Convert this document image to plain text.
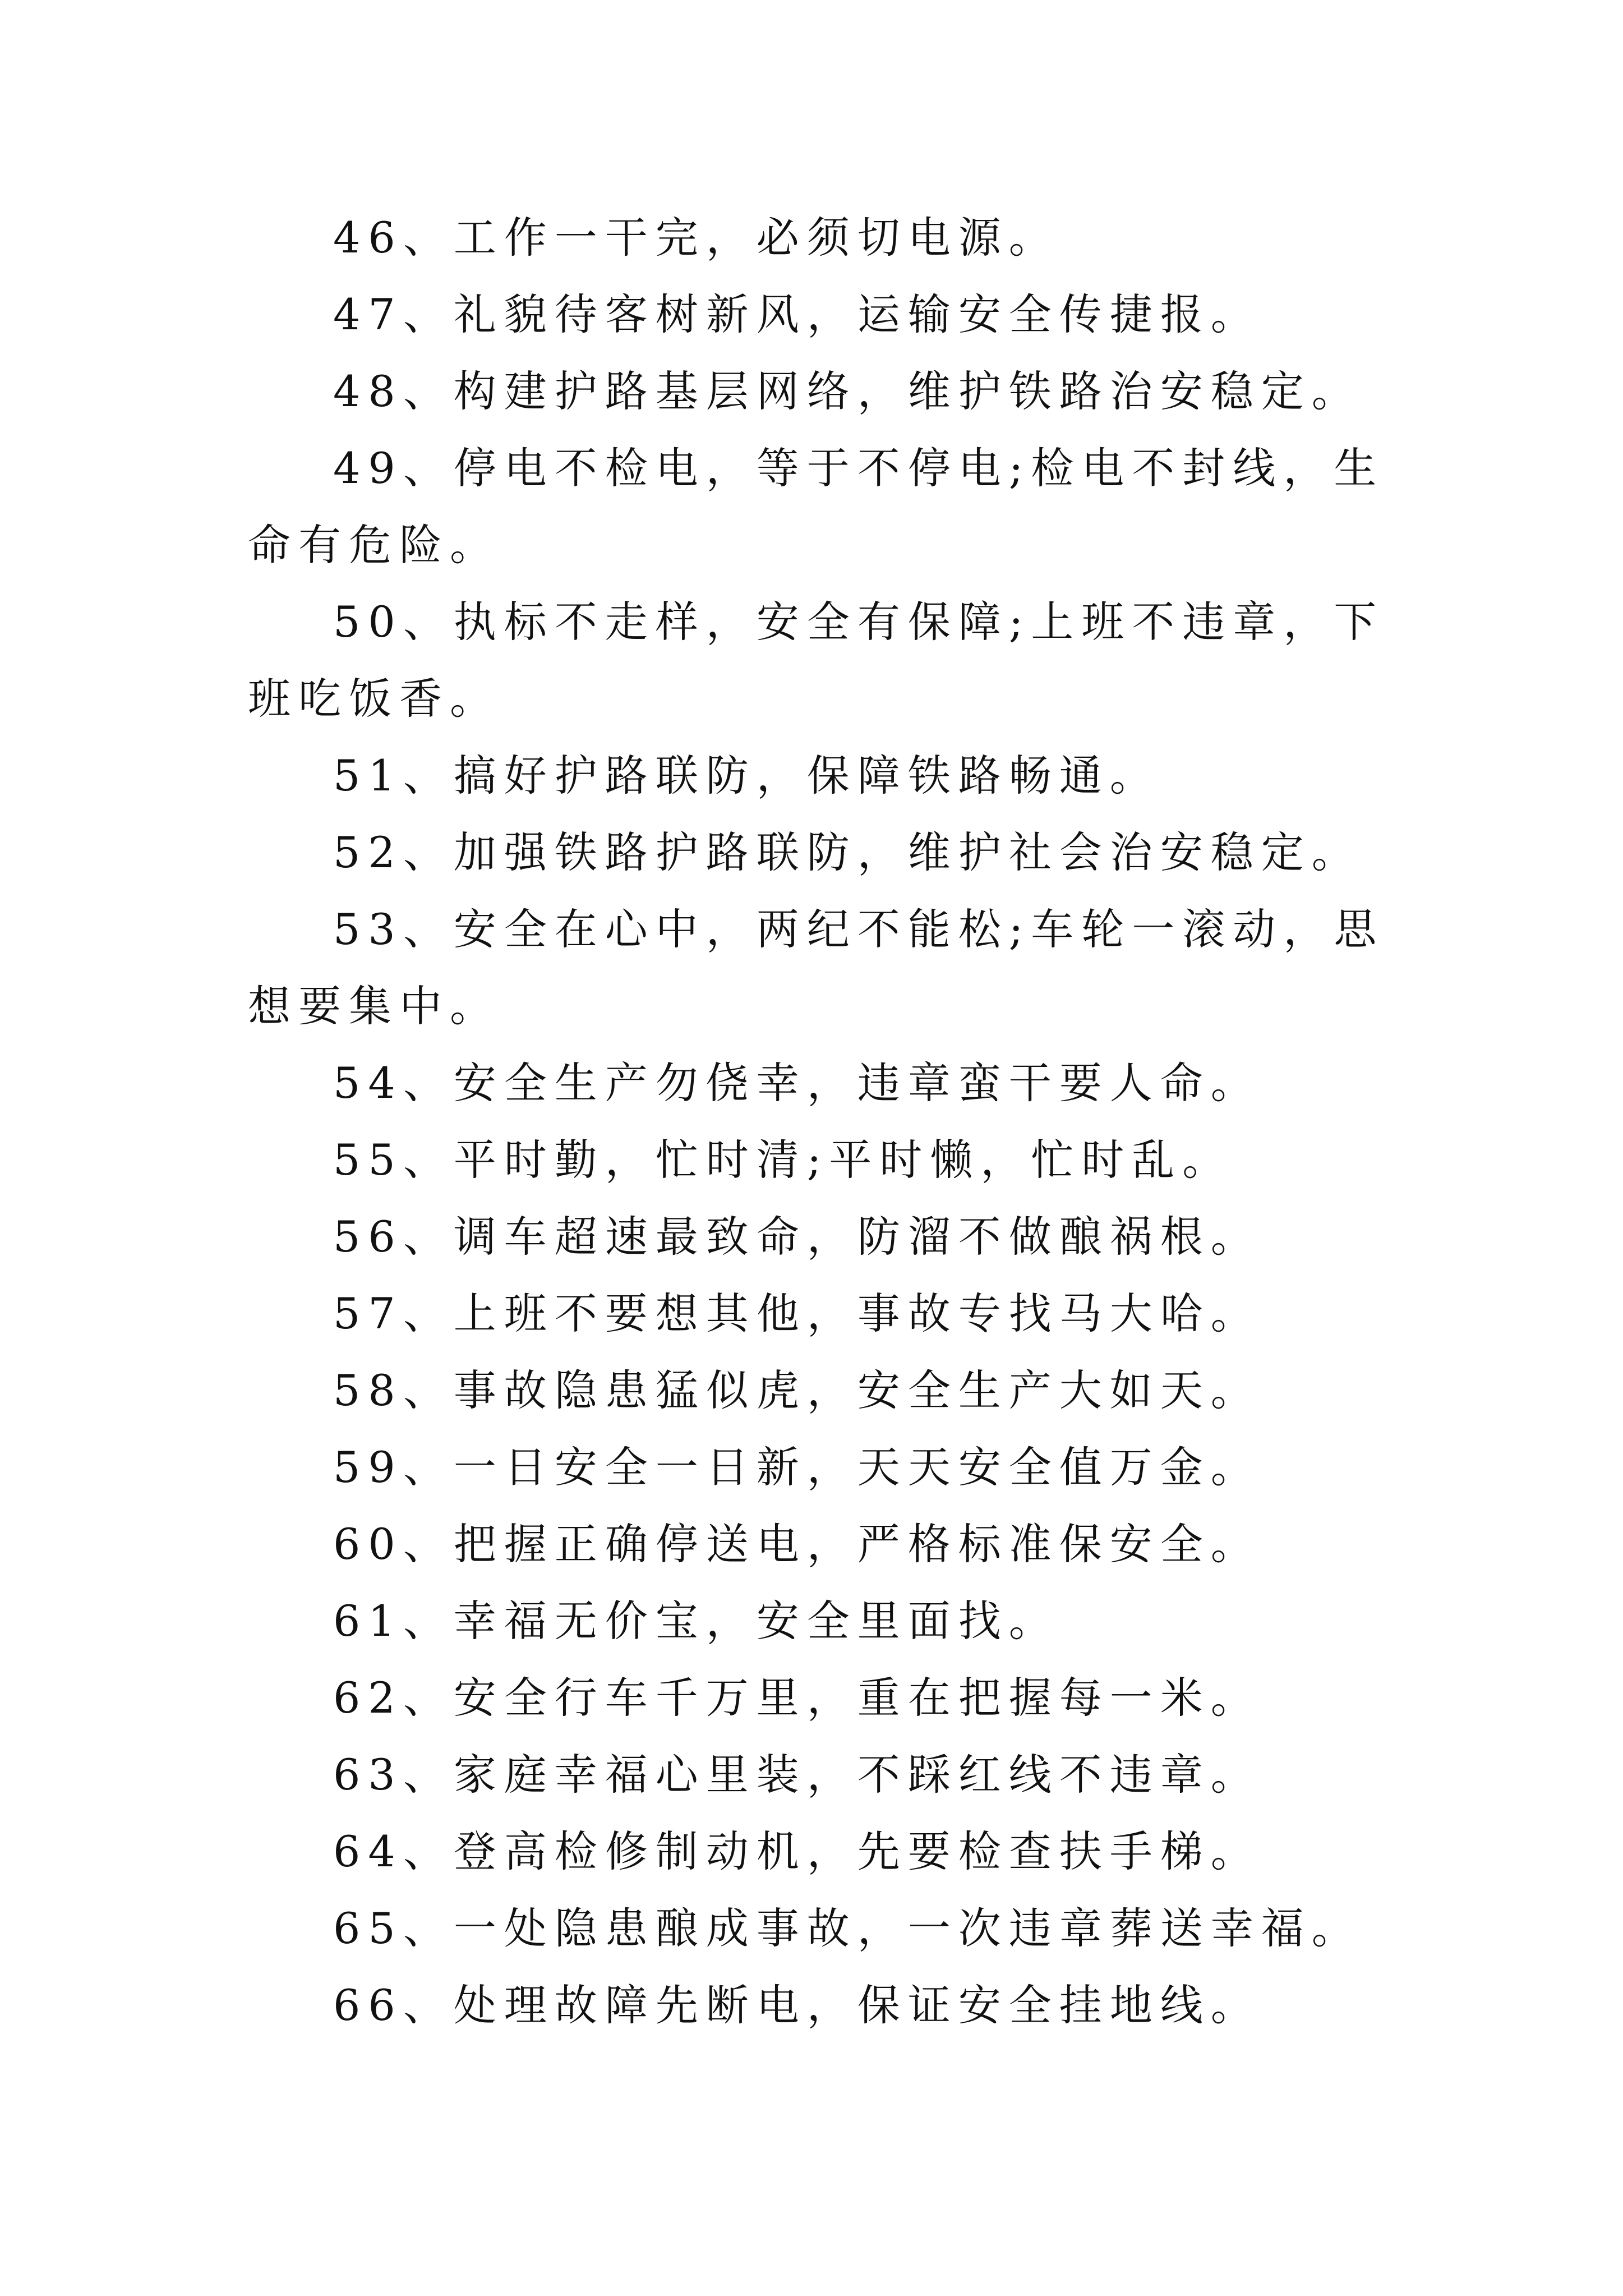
46、工作一干完，必须切电源。

47、礼貌待客树新风，运输安全传捷报。

48、构建护路基层网络，维护铁路治安稳定。

49、停电不检电，等于不停电;检电不封线，生命有危险。

50、执标不走样，安全有保障;上班不违章，下班吃饭香。

51、搞好护路联防，保障铁路畅通。

52、加强铁路护路联防，维护社会治安稳定。

53、安全在心中，两纪不能松;车轮一滚动，思想要集中。

54、安全生产勿侥幸，违章蛮干要人命。

55、平时勤，忙时清;平时懒，忙时乱。

56、调车超速最致命，防溜不做酿祸根。

57、上班不要想其他，事故专找马大哈。

58、事故隐患猛似虎，安全生产大如天。

59、一日安全一日新，天天安全值万金。

60、把握正确停送电，严格标准保安全。

61、幸福无价宝，安全里面找。

62、安全行车千万里，重在把握每一米。

63、家庭幸福心里装，不踩红线不违章。

64、登高检修制动机，先要检查扶手梯。

65、一处隐患酿成事故，一次违章葬送幸福。

66、处理故障先断电，保证安全挂地线。
